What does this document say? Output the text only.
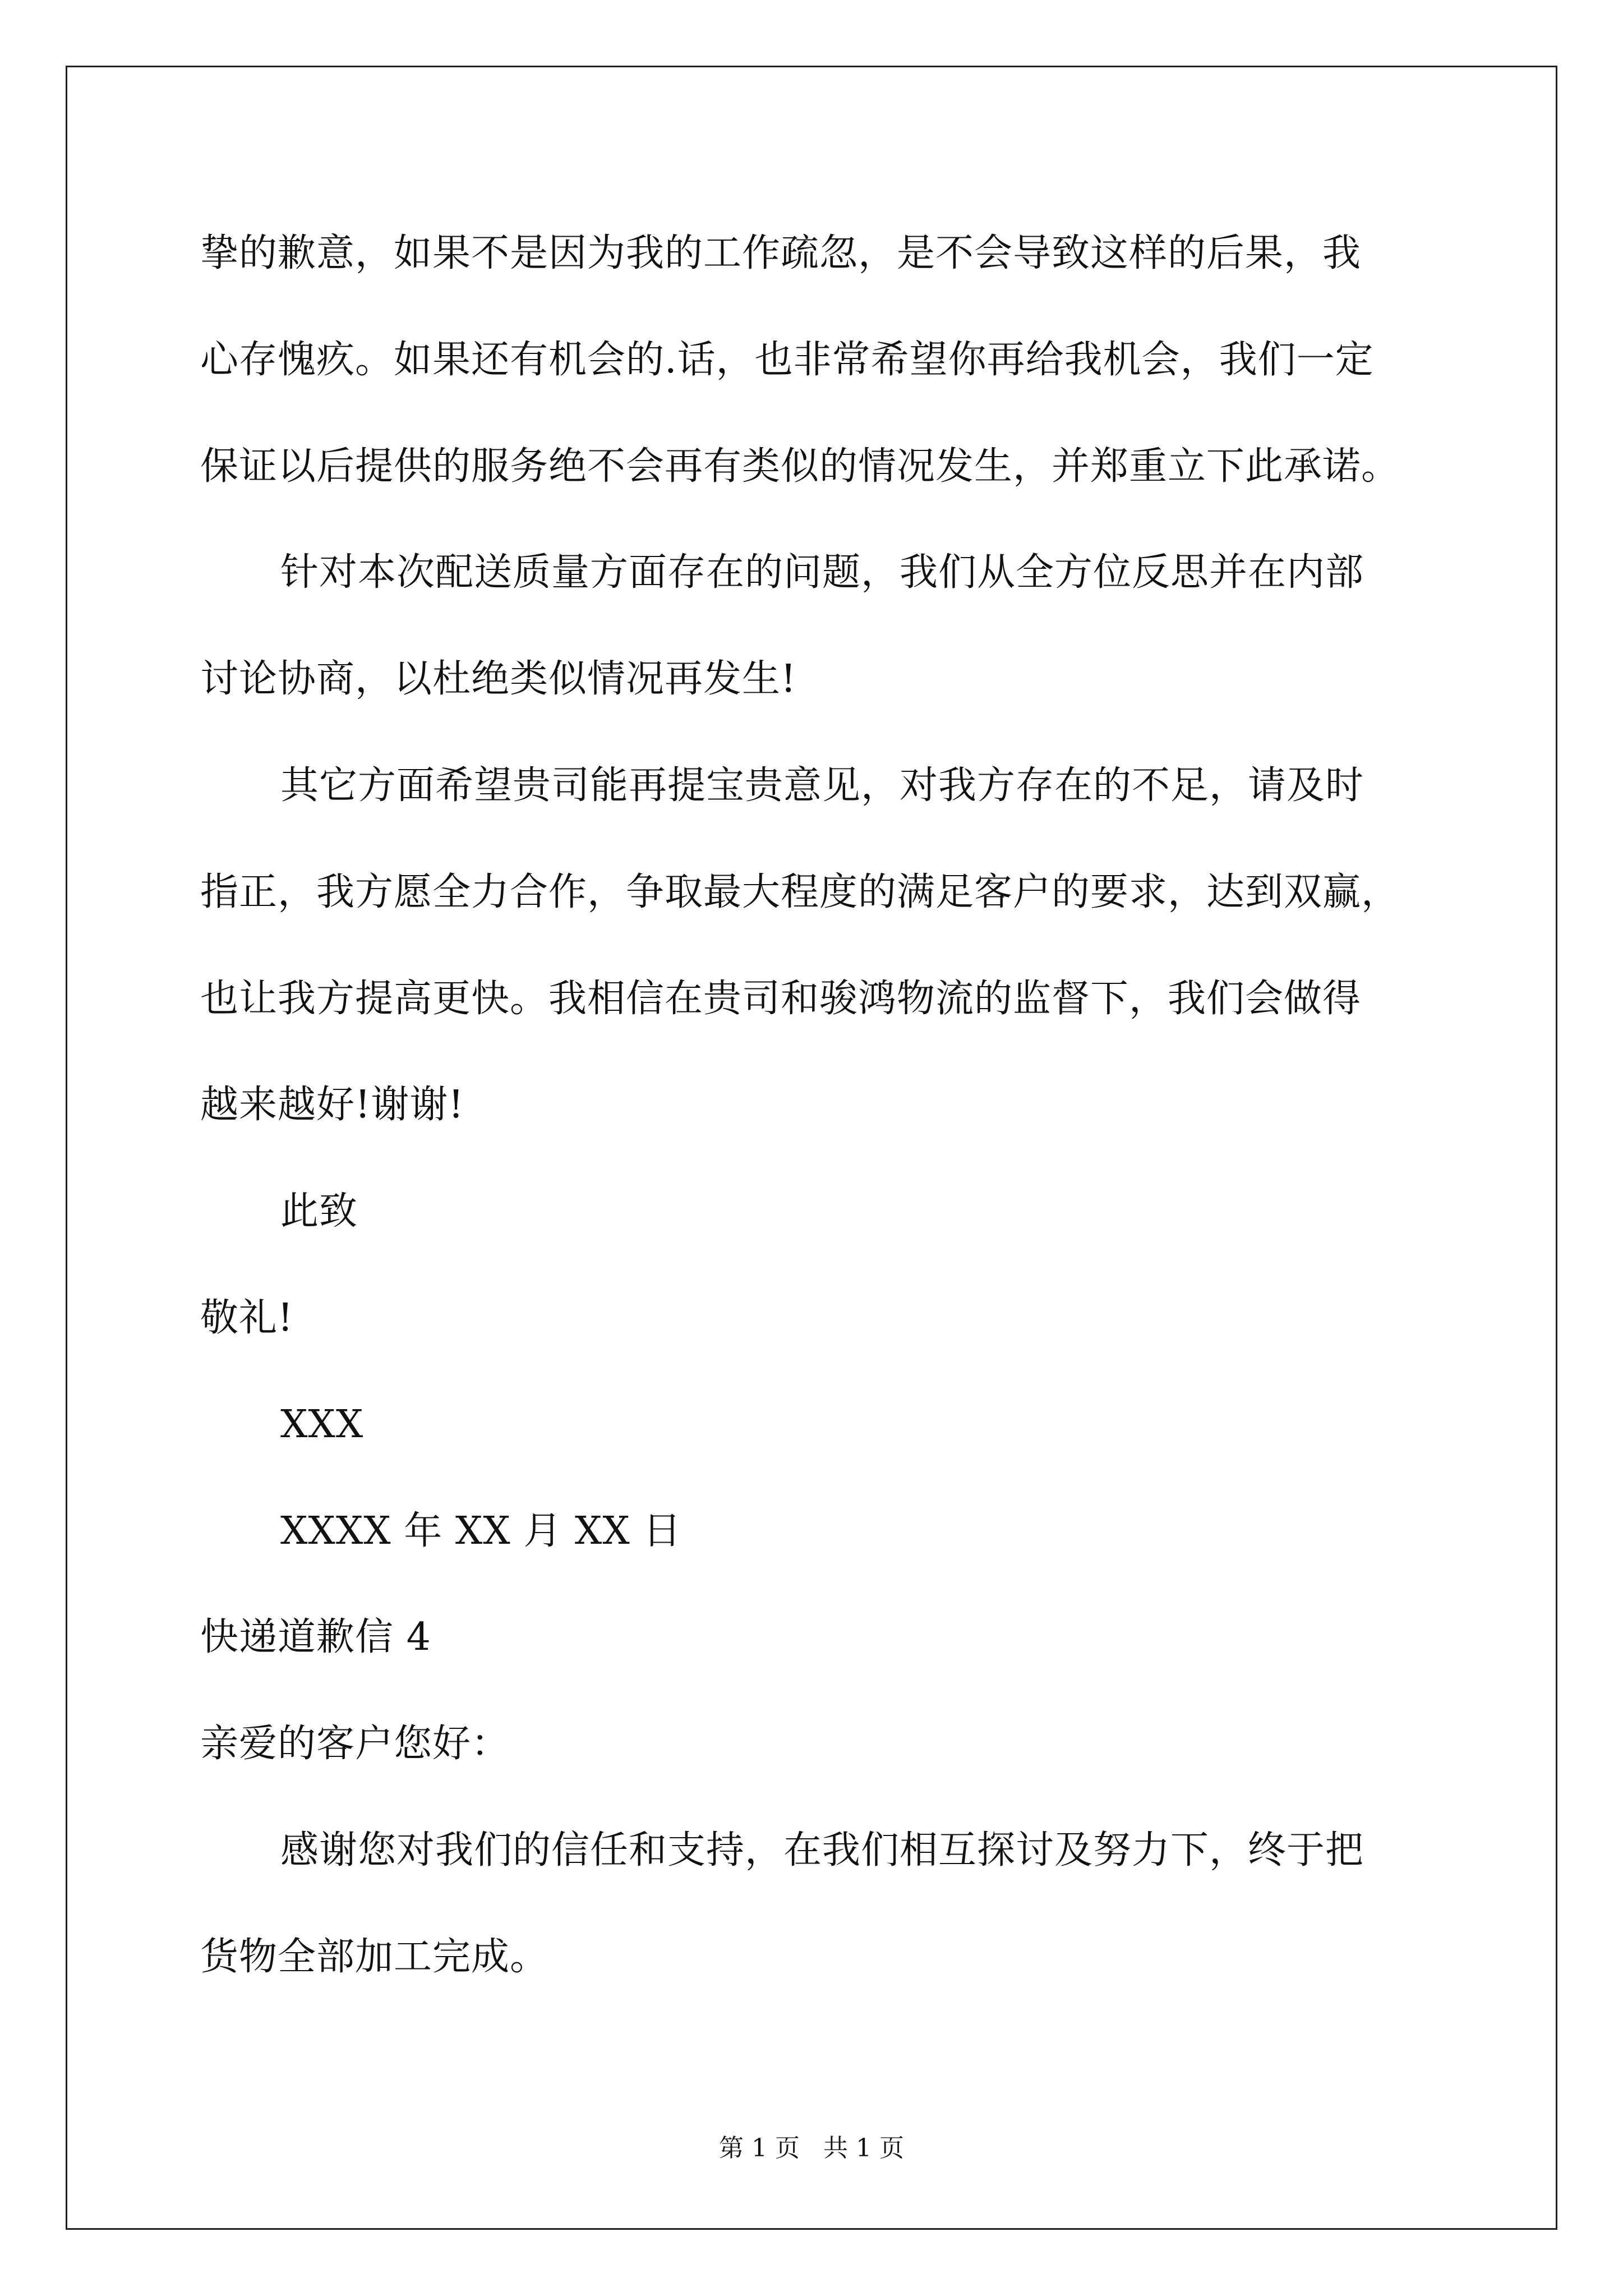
挚的歉意，如果不是因为我的工作疏忽，是不会导致这样的后果，我
心存愧疚。如果还有机会的.话，也非常希望你再给我机会，我们一定
保证以后提供的服务绝不会再有类似的情况发生，并郑重立下此承诺。
针对本次配送质量方面存在的问题，我们从全方位反思并在内部
讨论协商，以杜绝类似情况再发生!
其它方面希望贵司能再提宝贵意见，对我方存在的不足，请及时
指正，我方愿全力合作，争取最大程度的满足客户的要求，达到双赢，
也让我方提高更快。我相信在贵司和骏鸿物流的监督下，我们会做得
越来越好!谢谢!
此致
敬礼!
XXX
XXXX 年 XX 月 XX 日
快递道歉信 4
亲爱的客户您好：
感谢您对我们的信任和支持，在我们相互探讨及努力下，终于把
货物全部加工完成。
第 1 页   共 1 页
